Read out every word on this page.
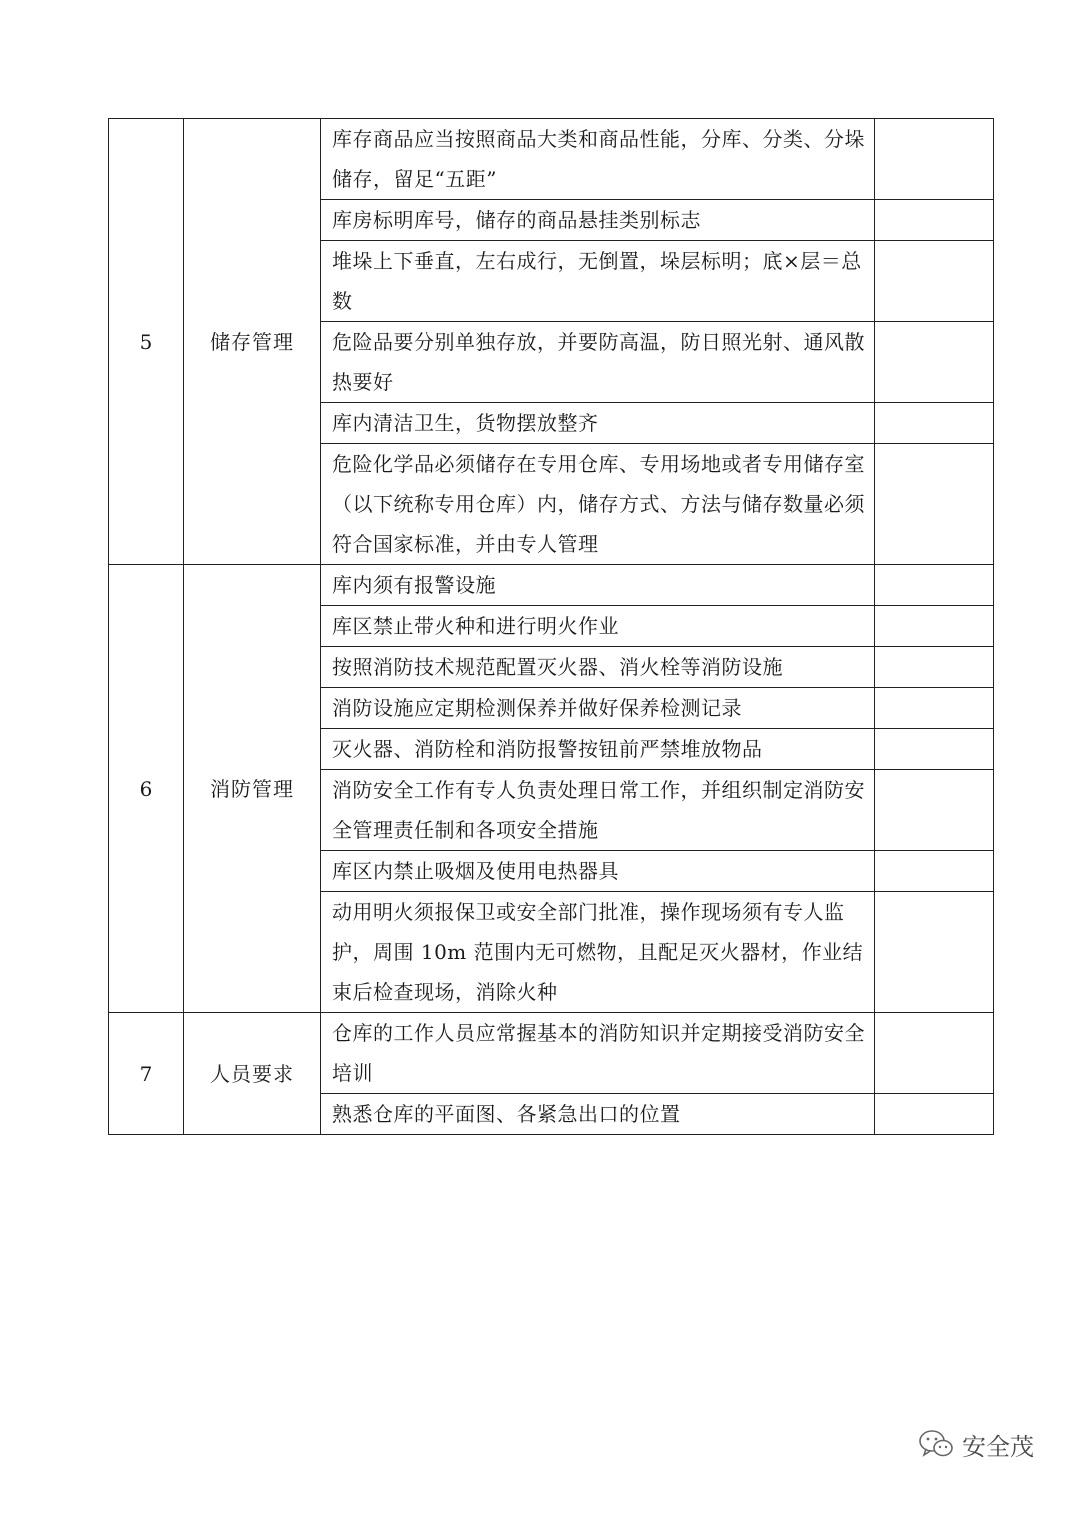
5	储存管理	库存商品应当按照商品大类和商品性能，分库、分类、分垛储存，留足“五距”	
		库房标明库号，储存的商品悬挂类别标志	
		堆垛上下垂直，左右成行，无倒置，垛层标明；底×层＝总数	
		危险品要分别单独存放，并要防高温，防日照光射、通风散热要好	
		库内清洁卫生，货物摆放整齐	
		危险化学品必须储存在专用仓库、专用场地或者专用储存室（以下统称专用仓库）内，储存方式、方法与储存数量必须符合国家标准，并由专人管理	
6	消防管理	库内须有报警设施	
		库区禁止带火种和进行明火作业	
		按照消防技术规范配置灭火器、消火栓等消防设施	
		消防设施应定期检测保养并做好保养检测记录	
		灭火器、消防栓和消防报警按钮前严禁堆放物品	
		消防安全工作有专人负责处理日常工作，并组织制定消防安全管理责任制和各项安全措施	
		库区内禁止吸烟及使用电热器具	
		动用明火须报保卫或安全部门批准，操作现场须有专人监护，周围 10m 范围内无可燃物，且配足灭火器材，作业结束后检查现场，消除火种	
7	人员要求	仓库的工作人员应常握基本的消防知识并定期接受消防安全培训	
		熟悉仓库的平面图、各紧急出口的位置	
安全茂
